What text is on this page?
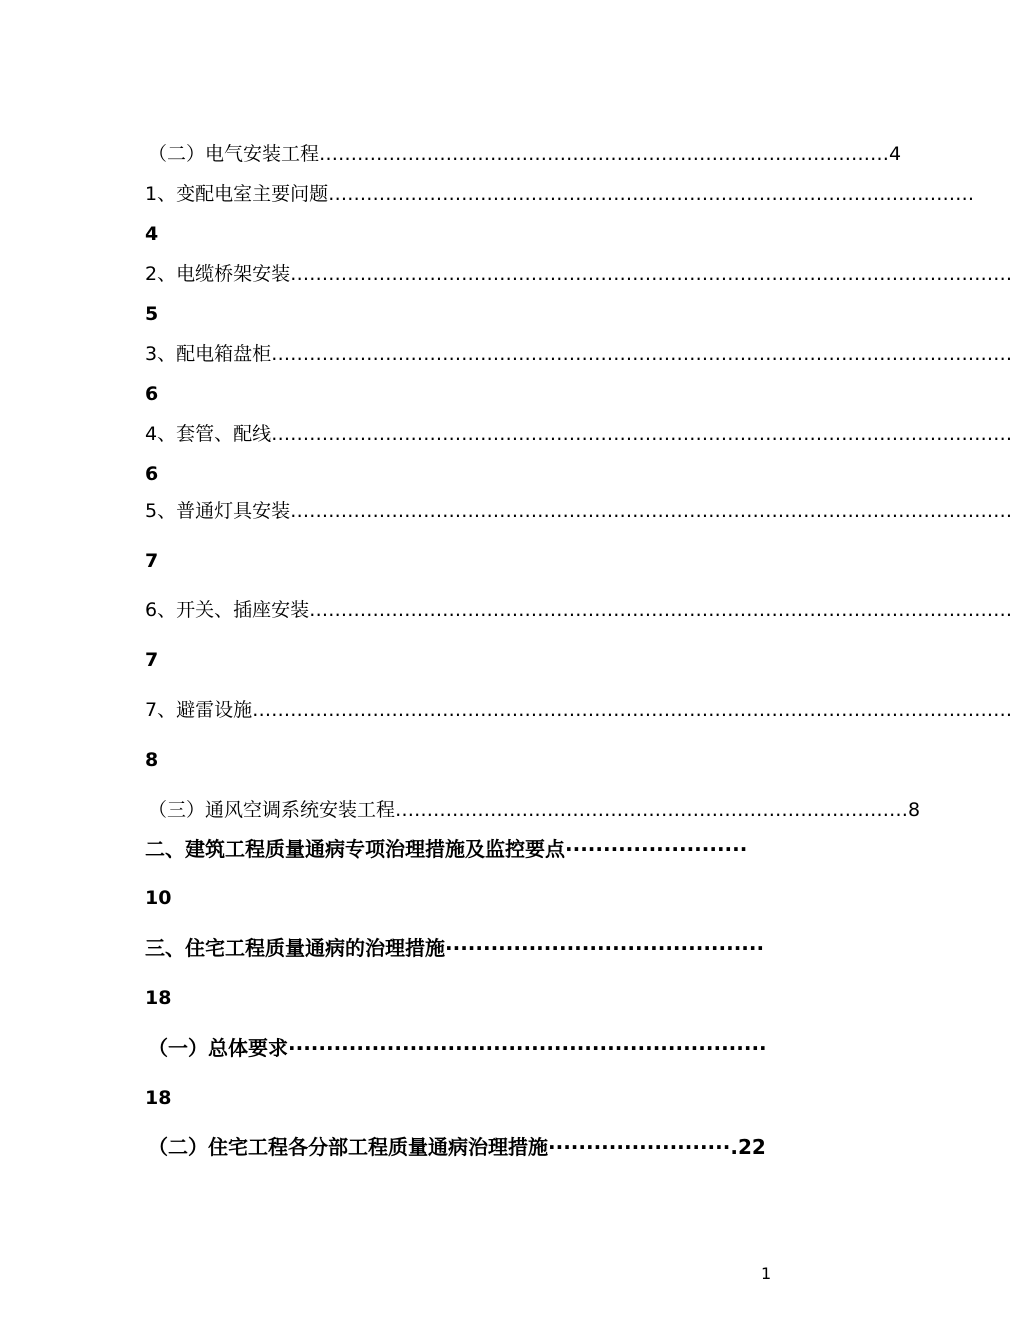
（二）电气安装工程………………………………………………………………………………4
1、变配电室主要问题…………………………………………………………………………………………
4
2、电缆桥架安装……………………………………………………………………………………………………
5
3、配电箱盘柜………………………………………………………………………………………………………
6
4、套管、配线………………………………………………………………………………………………………
6
5、普通灯具安装……………………………………………………………………………………………………
7
6、开关、插座安装…………………………………………………………………………………………………
7
7、避雷设施…………………………………………………………………………………………………………
8
（三）通风空调系统安装工程………………………………………………………………………8
二、建筑工程质量通病专项治理措施及监控要点························
10
三、住宅工程质量通病的治理措施··········································
18
（一）总体要求·······························································
18
（二）住宅工程各分部工程质量通病治理措施························.22
1
